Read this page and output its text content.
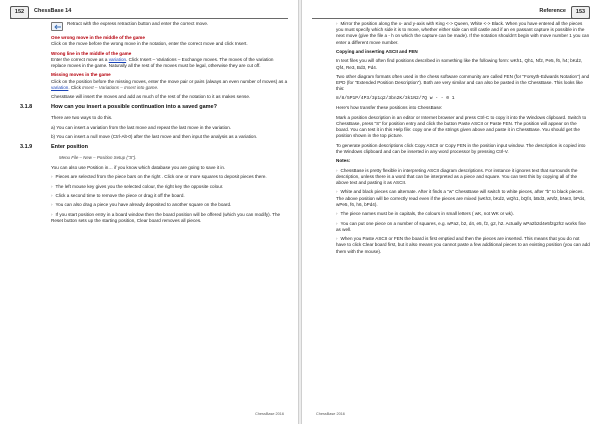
152	ChessBase 14
Retract with the express retraction button and enter the correct move.

One wrong move in the middle of the game

Click on the move before the wrong move in the notation, enter the correct move and click Insert.

Wrong line in the middle of the game

Enter the correct move as a variation. Click Insert – Variations – Exchange moves. The moves of the variation replace moves in the game. Naturally all the rest of the moves must be legal, otherwise they are cut off.

Missing moves in the game

Click on the position before the missing moves, enter the move pair or pairs (always an even number of moves) as a variation. Click Insert – Variations – Insert into game.

ChessBase will insert the moves and add as much of the rest of the notation to it as makes sense.

3.1.8	How can you insert a possible continuation into a saved game?

There are two ways to do this.

a) You can insert a variation from the last move and repeat the last move in the variation.

b) You can insert a null move (Ctrl-Alt-0) after the last move and then input the analysis as a variation.

3.1.9	Enter position

Menu File – New – Position Setup ("S").

You can also use Position in… if you know which database you are going to save it in.

› Pieces are selected from the piece bars on the right . Click one or more squares to deposit pieces there.

› The left mouse key gives you the selected colour, the right key the opposite colour.

› Click a second time to remove the piece or drag it off the board.

› You can also drag a piece you have already deposited to another square on the board.

› If you start position entry in a board window then the board position will be offered (which you can modify). The Reset button sets up the starting position, Clear board removes all pieces.

ChessBase 2016
153
Reference

› Mirror the position along the x- and y-axis with King <-> Queen, White <-> Black. When you have entered all the pieces you must specify which side it is to move, whether either side can still castle and if an en passant capture is possible in the next move (give the file a - h on which the capture can be made). If the notation shouldn't begin with move number 1 you can enter a different move number.

Copying and inserting ASCII and FEN

In text files you will often find positions described in something like the following form: wKh1, Qh1, Nf2, Pe5, f6, h4; bKd2, Qf4, Re3, Bd3, Pd4.

Two other diagram formats often used in the chess software community are called FEN (for "Forsyth-Edwards Notation") and EPD (for "Extended Position Description"). Both are very similar and can also be pasted in the ChessBase. This looks like this:

8/8/5P1P/4P3/3p1q2/3bn2K/3k1N2/7Q w - - 0 1

Here's how transfer these positions into ChessBase:

Mark a position description in an editor or Internet browser and press Ctrl-C to copy it into the Windows clipboard. Switch to ChessBase, press "S" for position entry and click the button Paste ASCII or Paste FEN. The position will appear on the board. You can test it in this Help file: copy one of the strings given above and paste it in ChessBase. You should get the position shown in the top picture.

To generate position descriptions click Copy ASCII or Copy FEN in the position input window. The description is copied into the Windows clipboard and can be inserted in any word processor by pressing Ctrl-V.

Notes:

› ChessBase is pretty flexible in interpreting ASCII diagram descriptions. For instance it ignores text that surrounds the description, unless there is a word that can be interpreted as a piece and square. You can test this by copying all of the above text and pasting it as ASCII.

› White and black pieces can alternate. After it finds a "w" ChessBase will switch to white pieces, after "b" to black pieces. The above position will be correctly read even if the pieces are mixed (wKh3, bKd2, wQh1, bQf4, bBd3, wNf2, bNe3, bPd4, wPe5, f6, h6, bPd4).

› The piece names must be in capitals, the colours in small letters ( wK, not WK or wk).

› You can put one piece on a number of squares, e.g. wPa2, b2, d4, e5, f2, g2, h2. Actually wPa2b2d4e5f2g2h2 works fine as well.

› When you Paste ASCII or FEN the board is first emptied and then the pieces are inserted. This means that you do not have to click Clear board first, but it also means you cannot paste a few additional pieces to an existing position (you can add them with the mouse).

ChessBase 2016
